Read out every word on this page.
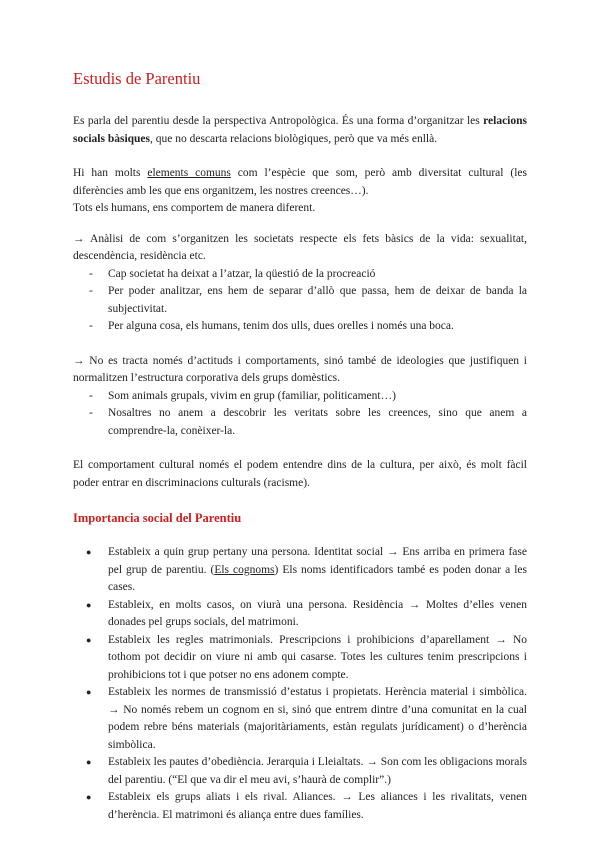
Estudis de Parentiu

Es parla del parentiu desde la perspectiva Antropològica. És una forma d’organitzar les relacions socials bàsiques, que no descarta relacions biològiques, però que va més enllà.

Hi han molts elements comuns com l’espècie que som, però amb diversitat cultural (les diferències amb les que ens organitzem, les nostres creences…).

Tots els humans, ens comportem de manera diferent.

→ Anàlisi de com s’organitzen les societats respecte els fets bàsics de la vida: sexualitat, descendència, residència etc.

- Cap societat ha deixat a l’atzar, la qüestió de la procreació
- Per poder analitzar, ens hem de separar d’allò que passa, hem de deixar de banda la subjectivitat.
- Per alguna cosa, els humans, tenim dos ulls, dues orelles i només una boca.

→ No es tracta només d’actituds i comportaments, sinó també de ideologies que justifiquen i normalitzen l’estructura corporativa dels grups domèstics.

- Som animals grupals, vivim en grup (familiar, politicament…)
- Nosaltres no anem a descobrir les veritats sobre les creences, sino que anem a comprendre-la, conèixer-la.

El comportament cultural només el podem entendre dins de la cultura, per això, és molt fàcil poder entrar en discriminacions culturals (racisme).

Importancia social del Parentiu
● Estableix a quin grup pertany una persona. Identitat social → Ens arriba en primera fase pel grup de parentiu. (Els cognoms) Els noms identificadors també es poden donar a les cases.
● Estableix, en molts casos, on viurà una persona. Residència → Moltes d’elles venen donades pel grups socials, del matrimoni.
● Estableix les regles matrimonials. Prescripcions i prohibicions d’aparellament → No tothom pot decidir on viure ni amb qui casarse. Totes les cultures tenim prescripcions i prohibicions tot i que potser no ens adonem compte.
● Estableix les normes de transmissió d’estatus i propietats. Herència material i simbòlica. → No només rebem un cognom en si, sinó que entrem dintre d’una comunitat en la cual podem rebre béns materials (majoritàriaments, estàn regulats jurídicament) o d’herència simbòlica.
● Estableix les pautes d’obediència. Jerarquia i Lleialtats. → Son com les obligacions morals del parentiu. (“El que va dir el meu avi, s’haurà de complir”.)
● Estableix els grups aliats i els rival. Aliances. → Les aliances i les rivalitats, venen d’herència. El matrimoni és aliança entre dues famílies.
